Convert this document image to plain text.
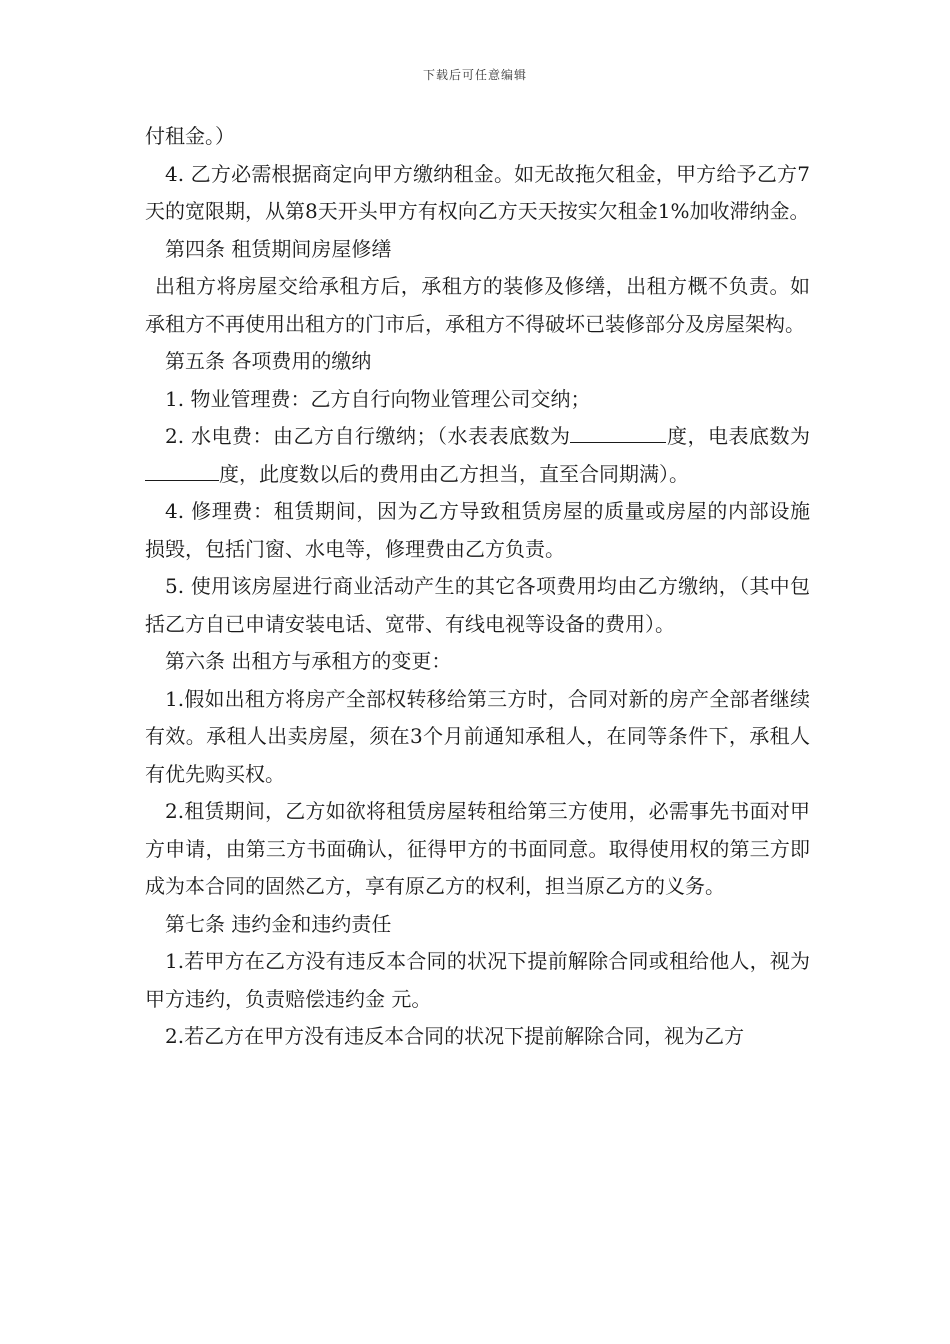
下载后可任意编辑

付租金。）

4. 乙方必需根据商定向甲方缴纳租金。如无故拖欠租金，甲方给予乙方7天的宽限期，从第8天开头甲方有权向乙方天天按实欠租金1%加收滞纳金。

第四条 租赁期间房屋修缮

出租方将房屋交给承租方后，承租方的装修及修缮，出租方概不负责。如承租方不再使用出租方的门市后，承租方不得破坏已装修部分及房屋架构。

第五条 各项费用的缴纳

1. 物业管理费：乙方自行向物业管理公司交纳；

2. 水电费：由乙方自行缴纳；（水表表底数为	度，电表底数为度，此度数以后的费用由乙方担当，直至合同期满）。

4. 修理费：租赁期间，因为乙方导致租赁房屋的质量或房屋的内部设施损毁，包括门窗、水电等，修理费由乙方负责。

5. 使用该房屋进行商业活动产生的其它各项费用均由乙方缴纳，（其中包括乙方自已申请安装电话、宽带、有线电视等设备的费用）。

第六条 出租方与承租方的变更：

1.假如出租方将房产全部权转移给第三方时，合同对新的房产全部者继续有效。承租人出卖房屋，须在3个月前通知承租人，在同等条件下，承租人有优先购买权。

2.租赁期间，乙方如欲将租赁房屋转租给第三方使用，必需事先书面对甲方申请，由第三方书面确认，征得甲方的书面同意。取得使用权的第三方即成为本合同的固然乙方，享有原乙方的权利，担当原乙方的义务。

第七条 违约金和违约责任

1.若甲方在乙方没有违反本合同的状况下提前解除合同或租给他人，视为甲方违约，负责赔偿违约金 元。

2.若乙方在甲方没有违反本合同的状况下提前解除合同，视为乙方
